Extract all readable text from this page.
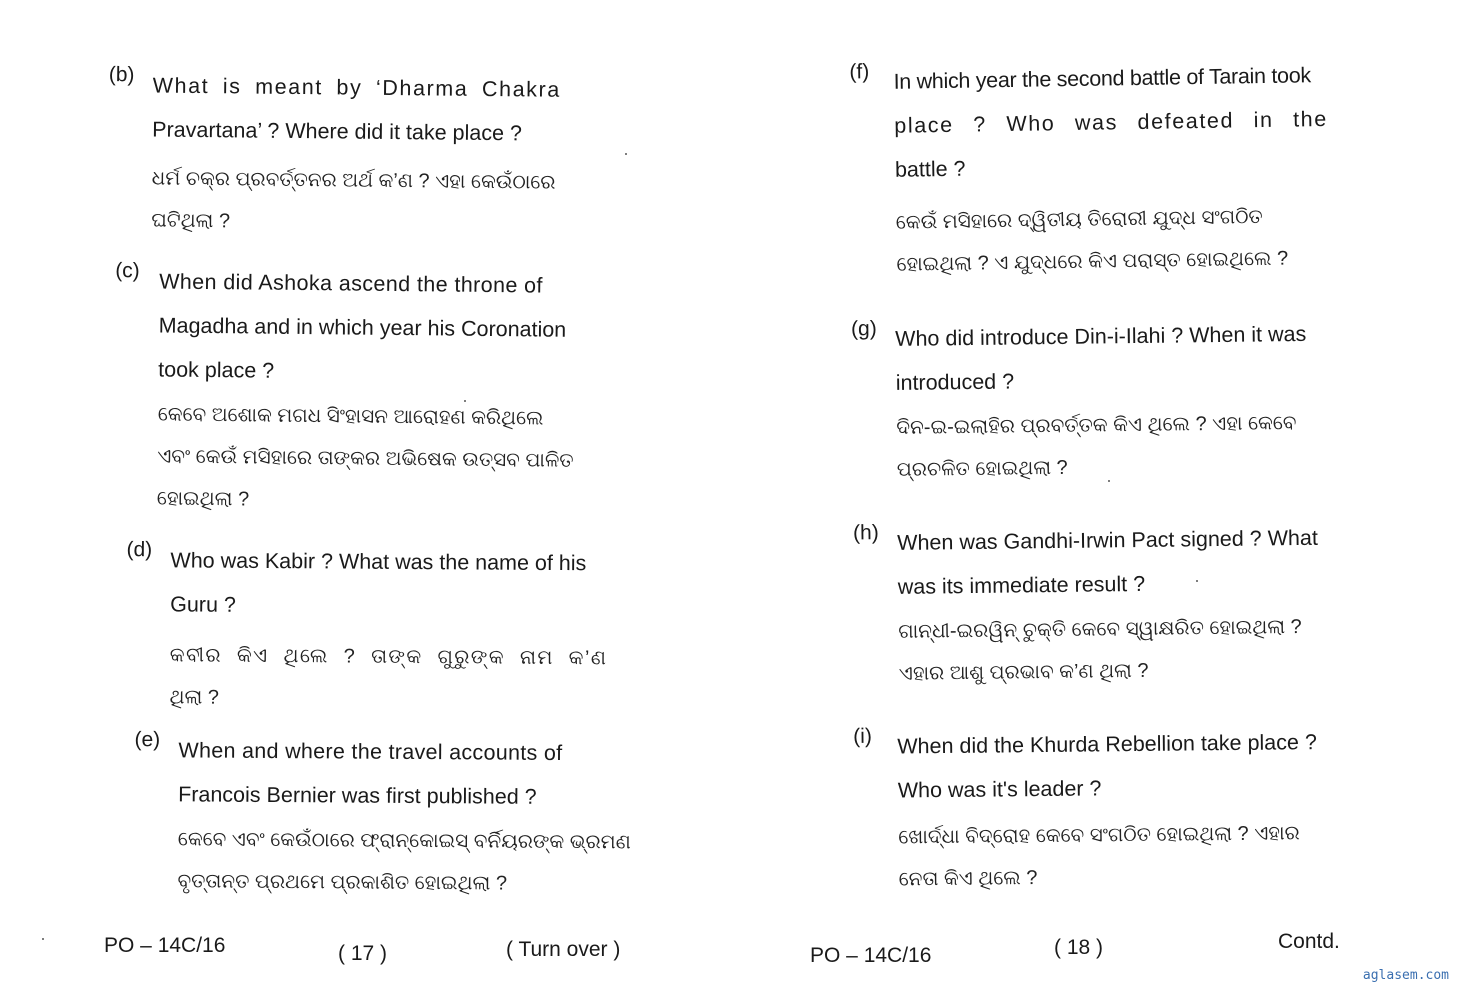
(b) What is meant by ‘Dharma Chakra
Pravartana’ ? Where did it take place ?
ଧର୍ମ ଚକ୍ର ପ୍ରବର୍ତ୍ତନର ଅର୍ଥ କ’ଣ ? ଏହା କେଉଁଠାରେ
ଘଟିଥିଲା ?
(c) When did Ashoka ascend the throne of
Magadha and in which year his Coronation
took place ?
କେବେ ଅଶୋକ ମଗଧ ସିଂହାସନ ଆରୋହଣ କରିଥିଲେ
ଏବଂ କେଉଁ ମସିହାରେ ତାଙ୍କର ଅଭିଷେକ ଉତ୍ସବ ପାଳିତ
ହୋଇଥିଲା ?
(d) Who was Kabir ? What was the name of his
Guru ?
କବୀର କିଏ ଥିଲେ ? ତାଙ୍କ ଗୁରୁଙ୍କ ନାମ କ’ଣ
ଥିଲା ?
(e) When and where the travel accounts of
Francois Bernier was first published ?
କେବେ ଏବଂ କେଉଁଠାରେ ଫ୍ରାନ୍‌କୋଇସ୍ ବର୍ନିୟରଙ୍କ ଭ୍ରମଣ
ବୃତ୍ତାନ୍ତ ପ୍ରଥମେ ପ୍ରକାଶିତ ହୋଇଥିଲା ?
PO – 14C/16	( 17 )	( Turn over )
(f) In which year the second battle of Tarain took
place ? Who was defeated in the
battle ?
କେଉଁ ମସିହାରେ ଦ୍ୱିତୀୟ ତିରୋରୀ ଯୁଦ୍ଧ ସଂଗଠିତ
ହୋଇଥିଲା ? ଏ ଯୁଦ୍ଧରେ କିଏ ପରାସ୍ତ ହୋଇଥିଲେ ?
(g) Who did introduce Din-i-Ilahi ? When it was
introduced ?
ଦିନ-ଇ-ଇଲାହିର ପ୍ରବର୍ତ୍ତକ କିଏ ଥିଲେ ? ଏହା କେବେ
ପ୍ରଚଳିତ ହୋଇଥିଲା ?
(h) When was Gandhi-Irwin Pact signed ? What
was its immediate result ?
ଗାନ୍ଧୀ-ଇରୱିନ୍ ଚୁକ୍ତି କେବେ ସ୍ୱାକ୍ଷରିତ ହୋଇଥିଲା ?
ଏହାର ଆଶୁ ପ୍ରଭାବ କ’ଣ ଥିଲା ?
(i) When did the Khurda Rebellion take place ?
Who was it's leader ?
ଖୋର୍ଦ୍ଧା ବିଦ୍ରୋହ କେବେ ସଂଗଠିତ ହୋଇଥିଲା ? ଏହାର
ନେତା କିଏ ଥିଲେ ?
PO – 14C/16	( 18 )	Contd.
aglasem.com
